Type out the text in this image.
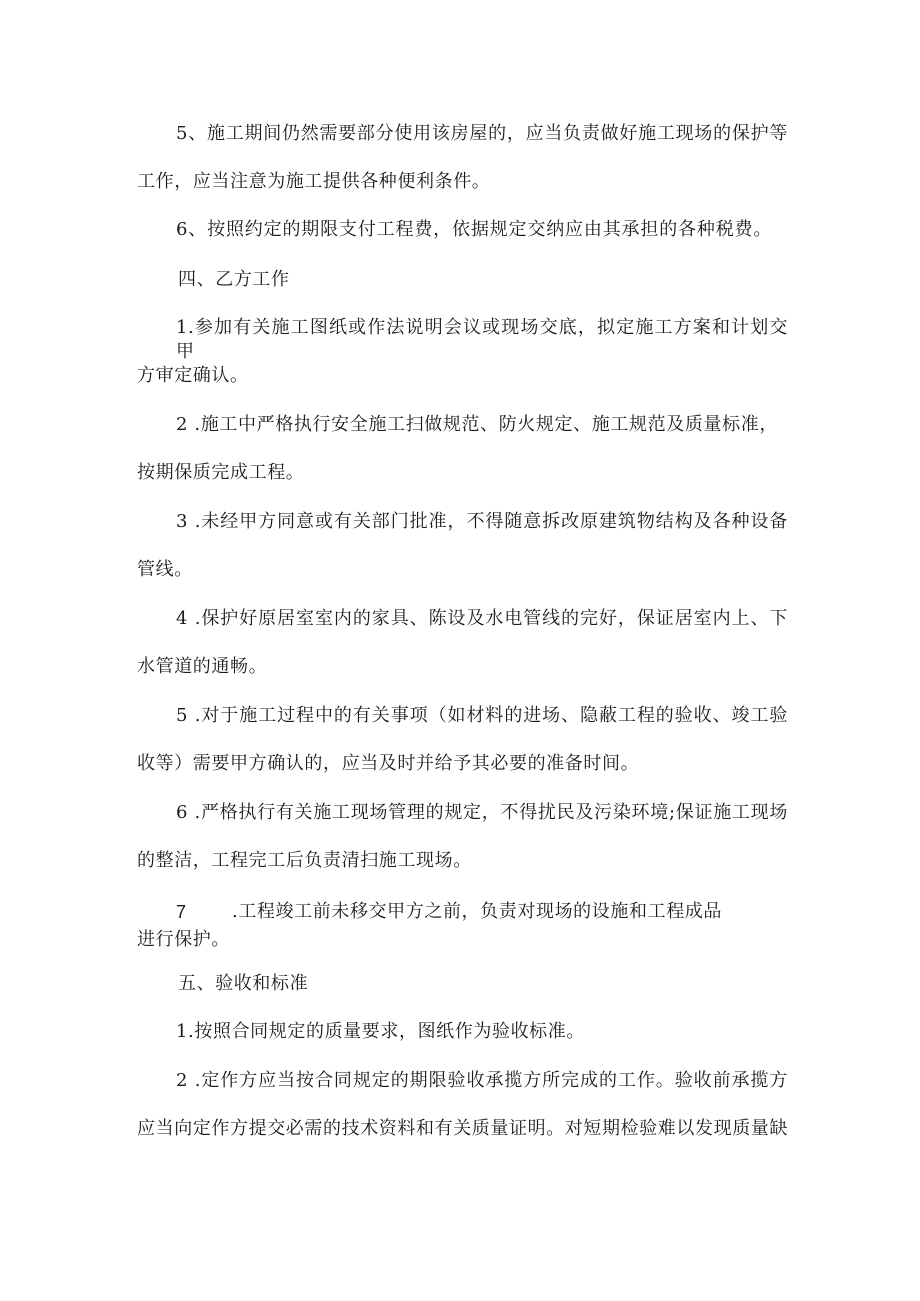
5、施工期间仍然需要部分使用该房屋的，应当负责做好施工现场的保护等
工作，应当注意为施工提供各种便利条件。
6、按照约定的期限支付工程费，依据规定交纳应由其承担的各种税费。
四、乙方工作
1.参加有关施工图纸或作法说明会议或现场交底，拟定施工方案和计划交甲
方审定确认。
2 .施工中严格执行安全施工扫做规范、防火规定、施工规范及质量标准，
按期保质完成工程。
3 .未经甲方同意或有关部门批准，不得随意拆改原建筑物结构及各种设备
管线。
4 .保护好原居室室内的家具、陈设及水电管线的完好，保证居室内上、下
水管道的通畅。
5 .对于施工过程中的有关事项（如材料的进场、隐蔽工程的验收、竣工验
收等）需要甲方确认的，应当及时并给予其必要的准备时间。
6 .严格执行有关施工现场管理的规定，不得扰民及污染环境;保证施工现场
的整洁，工程完工后负责清扫施工现场。
7	.工程竣工前未移交甲方之前，负责对现场的设施和工程成品
进行保护。
五、验收和标准
1.按照合同规定的质量要求，图纸作为验收标准。
2 .定作方应当按合同规定的期限验收承揽方所完成的工作。验收前承揽方
应当向定作方提交必需的技术资料和有关质量证明。对短期检验难以发现质量缺
